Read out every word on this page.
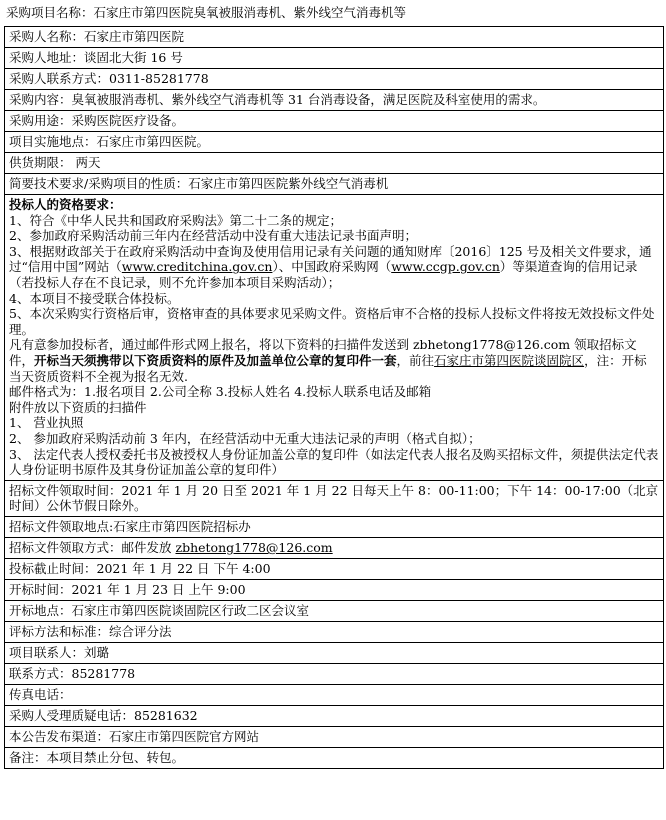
采购项目名称：石家庄市第四医院臭氧被服消毒机、紫外线空气消毒机等
采购人名称：石家庄市第四医院
采购人地址：谈固北大街 16 号
采购人联系方式：0311-85281778
采购内容：臭氧被服消毒机、紫外线空气消毒机等 31 台消毒设备，满足医院及科室使用的需求。
采购用途：采购医院医疗设备。
项目实施地点：石家庄市第四医院。
供货期限： 两天
简要技术要求/采购项目的性质：石家庄市第四医院紫外线空气消毒机

投标人的资格要求：
1、符合《中华人民共和国政府采购法》第二十二条的规定；
2、参加政府采购活动前三年内在经营活动中没有重大违法记录书面声明；
3、根据财政部关于在政府采购活动中查询及使用信用记录有关问题的通知财库〔2016〕125 号及相关文件要求，通过“信用中国”网站（www.creditchina.gov.cn）、中国政府采购网（www.ccgp.gov.cn）等渠道查询的信用记录（若投标人存在不良记录，则不允许参加本项目采购活动）；
4、本项目不接受联合体投标。
5、本次采购实行资格后审，资格审查的具体要求见采购文件。资格后审不合格的投标人投标文件将按无效投标文件处理。
凡有意参加投标者，通过邮件形式网上报名，将以下资料的扫描件发送到 zbhetong1778@126.com 领取招标文件，开标当天须携带以下资质资料的原件及加盖单位公章的复印件一套，前往石家庄市第四医院谈固院区，注：开标当天资质资料不全视为报名无效.
邮件格式为：1.报名项目 2.公司全称 3.投标人姓名 4.投标人联系电话及邮箱
附件放以下资质的扫描件
1、 营业执照
2、 参加政府采购活动前 3 年内，在经营活动中无重大违法记录的声明（格式自拟）；
3、 法定代表人授权委托书及被授权人身份证加盖公章的复印件（如法定代表人报名及购买招标文件，须提供法定代表人身份证明书原件及其身份证加盖公章的复印件）

招标文件领取时间：2021 年 1 月 20 日至 2021 年 1 月 22 日每天上午 8：00-11:00；下午 14：00-17:00（北京时间）公休节假日除外。
招标文件领取地点:石家庄市第四医院招标办
招标文件领取方式：邮件发放 zbhetong1778@126.com
投标截止时间：2021 年 1 月 22 日 下午 4:00
开标时间：2021 年 1 月 23 日 上午 9:00
开标地点：石家庄市第四医院谈固院区行政二区会议室
评标方法和标准：综合评分法
项目联系人：刘璐
联系方式：85281778
传真电话：
采购人受理质疑电话：85281632
本公告发布渠道：石家庄市第四医院官方网站
备注：本项目禁止分包、转包。
